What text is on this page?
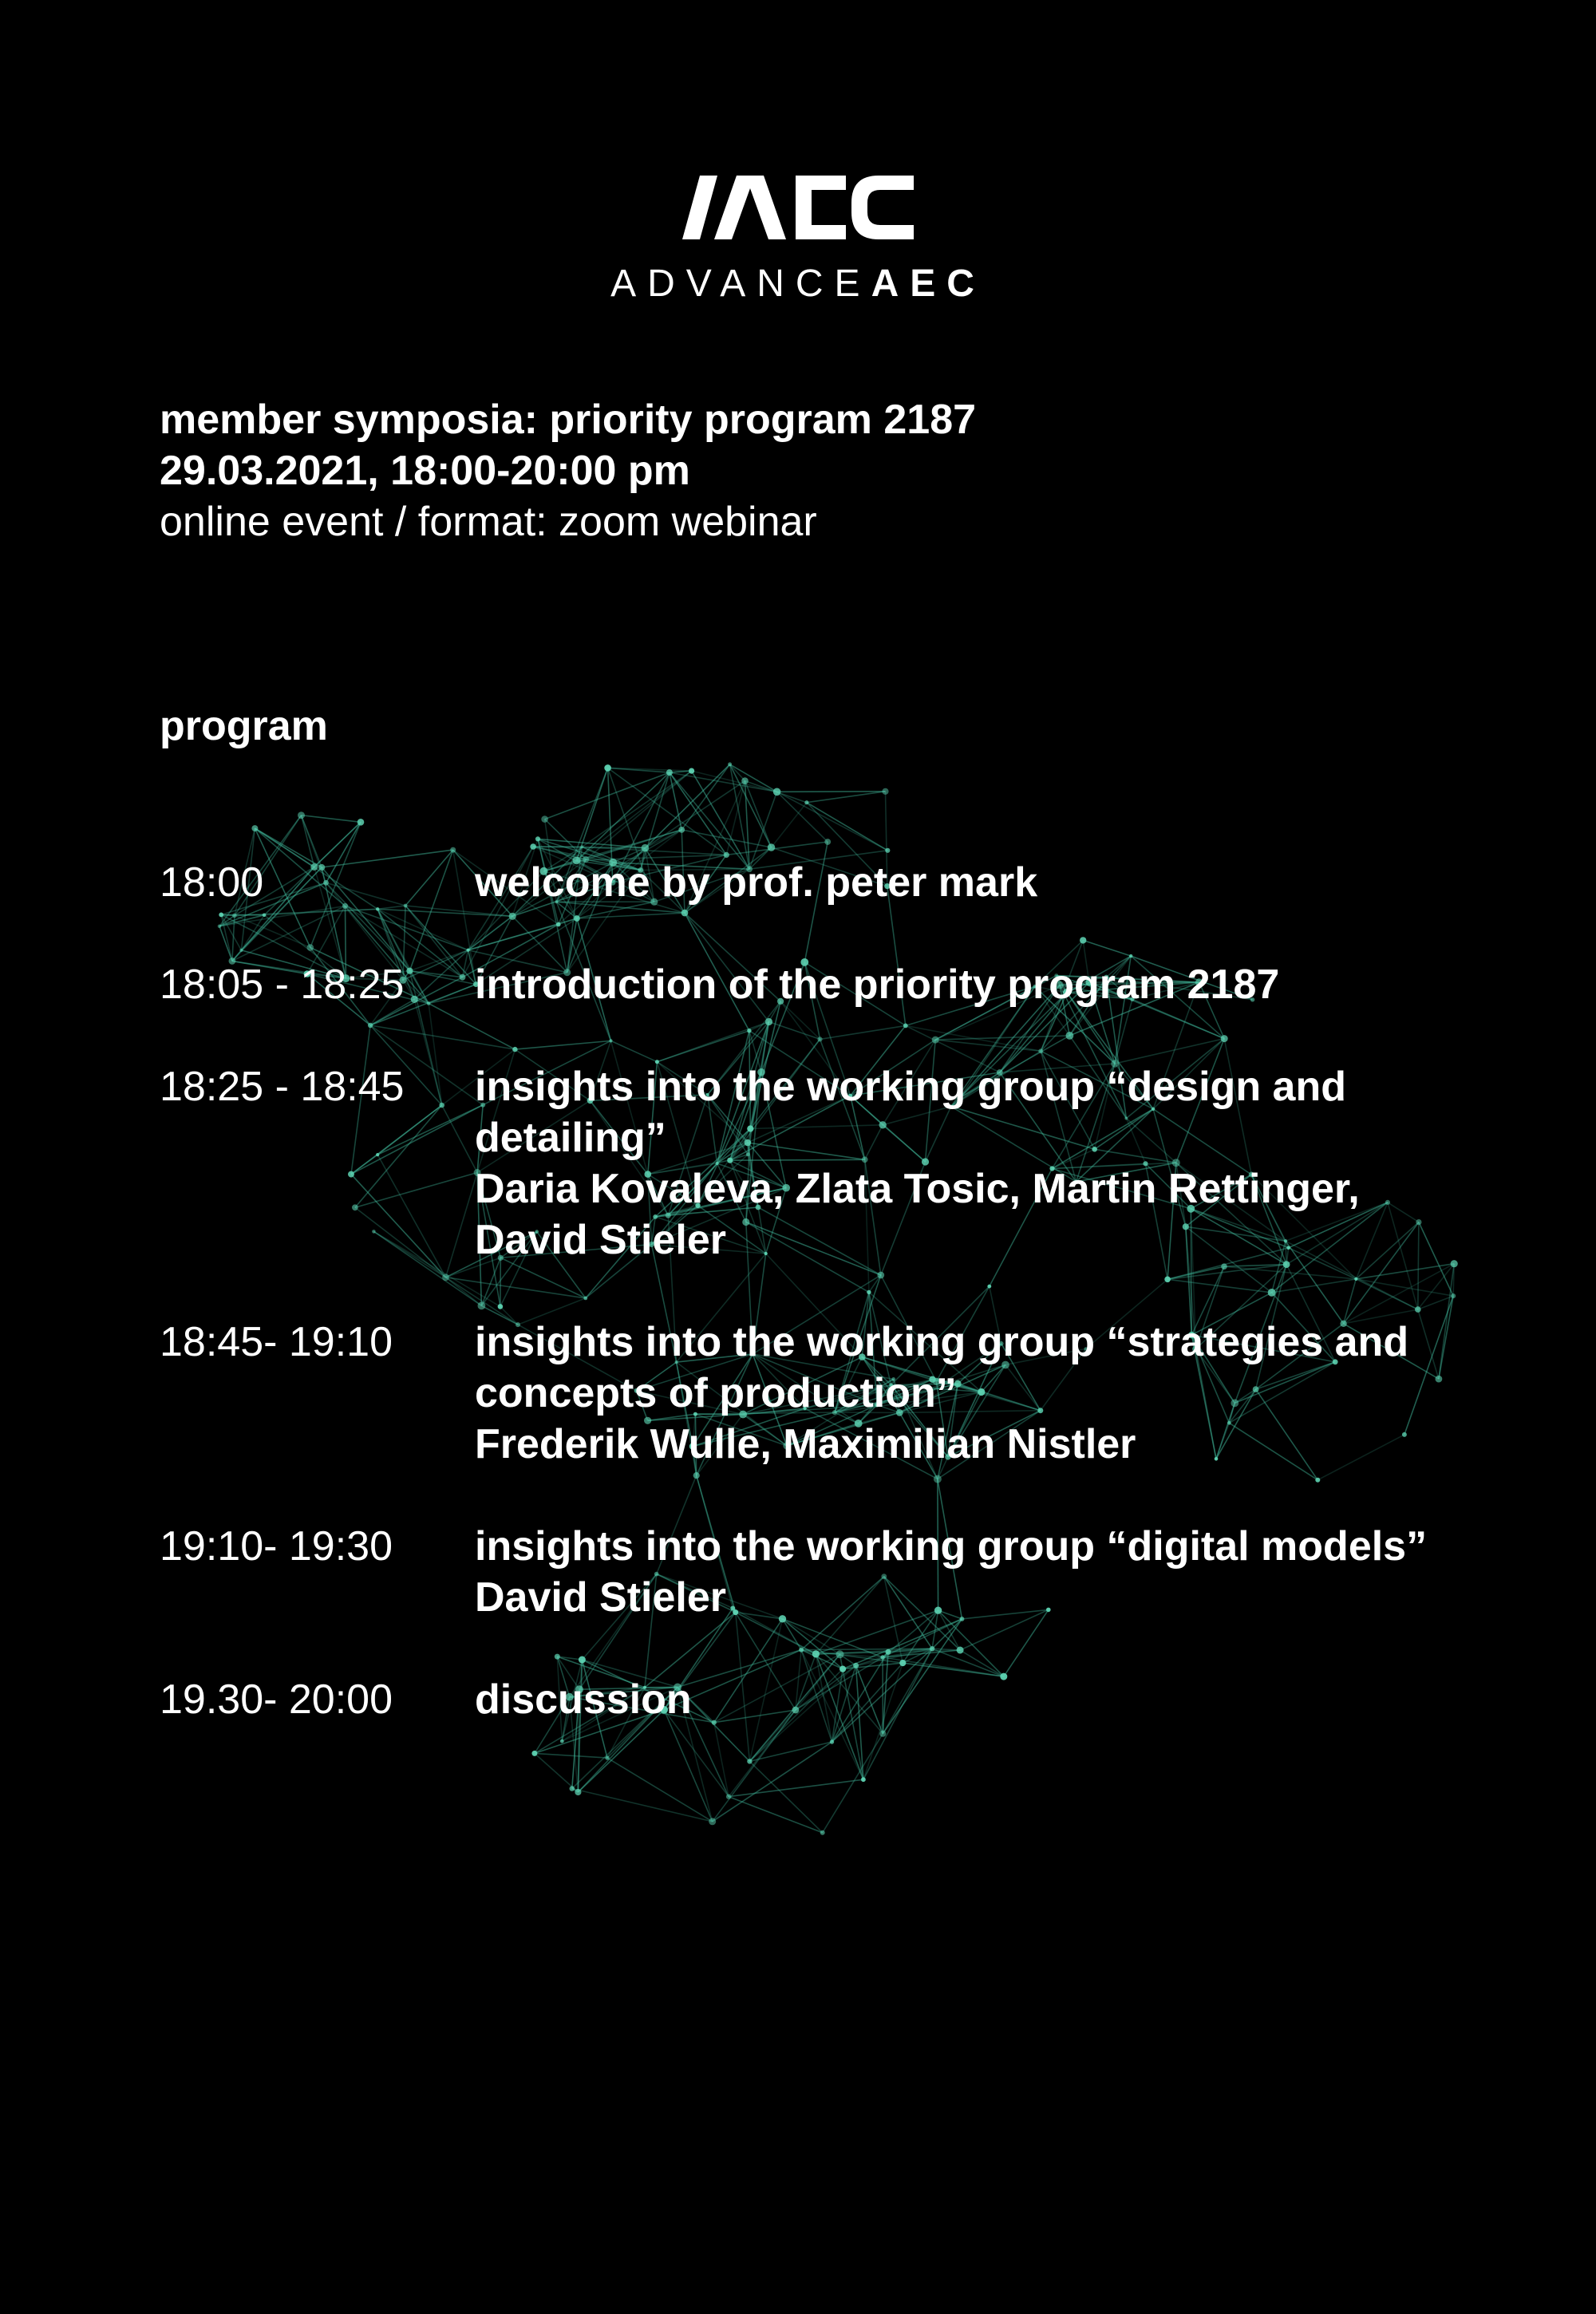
ADVANCEAEC
member symposia: priority program 2187
29.03.2021, 18:00-20:00 pm
online event / format: zoom webinar
program
18:00	welcome by prof. peter mark
18:05 - 18:25	introduction of the priority program 2187
18:25 - 18:45	insights into the working group “design and detailing”
Daria Kovaleva, Zlata Tosic, Martin Rettinger, David Stieler
18:45- 19:10	insights into the working group “strategies and concepts of production”
Frederik Wulle, Maximilian Nistler
19:10- 19:30	insights into the working group “digital models”
David Stieler
19.30- 20:00	discussion
